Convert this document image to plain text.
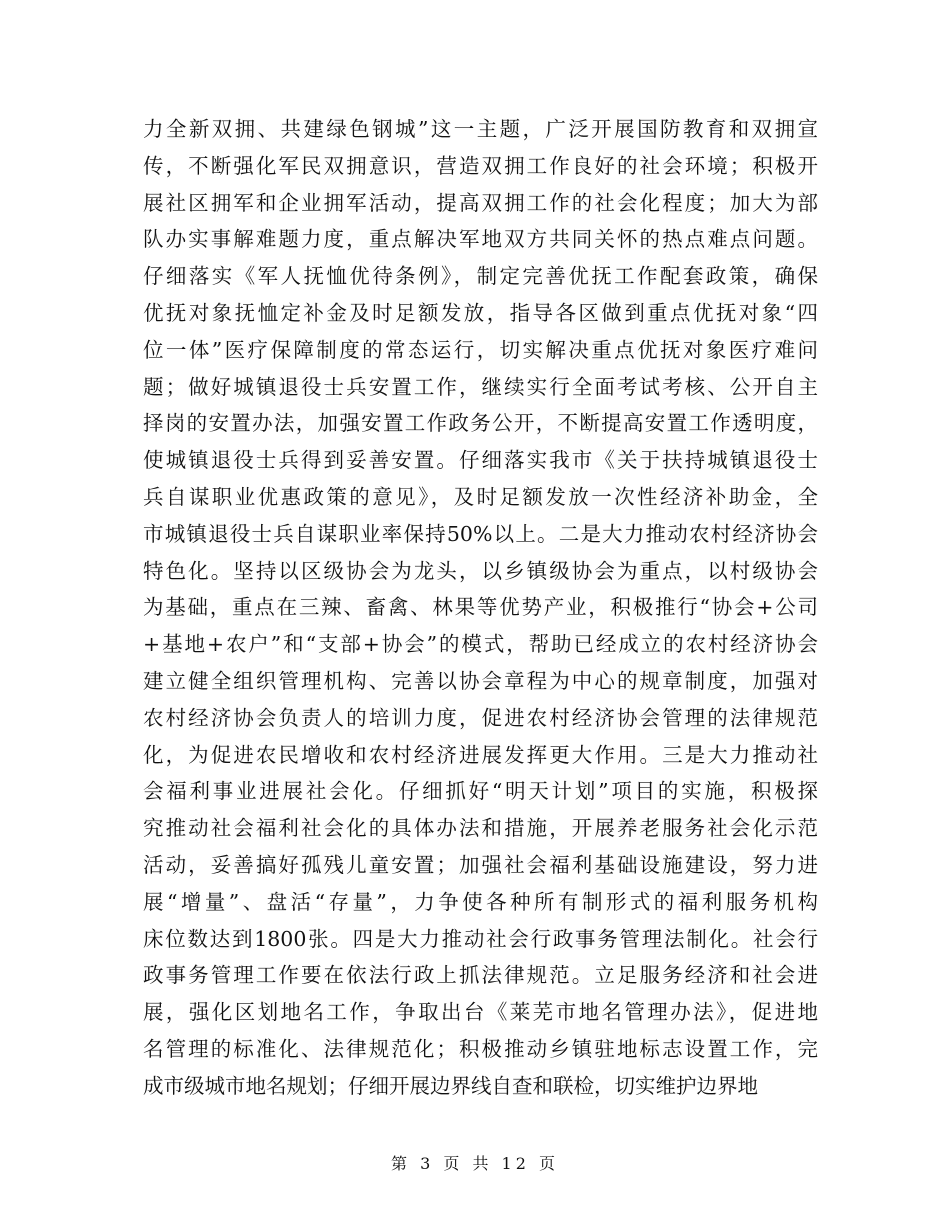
力全新双拥、共建绿色钢城”这一主题，广泛开展国防教育和双拥宣
传，不断强化军民双拥意识，营造双拥工作良好的社会环境；积极开
展社区拥军和企业拥军活动，提高双拥工作的社会化程度；加大为部
队办实事解难题力度，重点解决军地双方共同关怀的热点难点问题。
仔细落实《军人抚恤优待条例》，制定完善优抚工作配套政策，确保
优抚对象抚恤定补金及时足额发放，指导各区做到重点优抚对象“四
位一体”医疗保障制度的常态运行，切实解决重点优抚对象医疗难问
题；做好城镇退役士兵安置工作，继续实行全面考试考核、公开自主
择岗的安置办法，加强安置工作政务公开，不断提高安置工作透明度，
使城镇退役士兵得到妥善安置。仔细落实我市《关于扶持城镇退役士
兵自谋职业优惠政策的意见》，及时足额发放一次性经济补助金，全
市城镇退役士兵自谋职业率保持50%以上。二是大力推动农村经济协会
特色化。坚持以区级协会为龙头，以乡镇级协会为重点，以村级协会
为基础，重点在三辣、畜禽、林果等优势产业，积极推行“协会+公司
+基地+农户”和“支部+协会”的模式，帮助已经成立的农村经济协会
建立健全组织管理机构、完善以协会章程为中心的规章制度，加强对
农村经济协会负责人的培训力度，促进农村经济协会管理的法律规范
化，为促进农民增收和农村经济进展发挥更大作用。三是大力推动社
会福利事业进展社会化。仔细抓好“明天计划”项目的实施，积极探
究推动社会福利社会化的具体办法和措施，开展养老服务社会化示范
活动，妥善搞好孤残儿童安置；加强社会福利基础设施建设，努力进
展“增量”、盘活“存量”，力争使各种所有制形式的福利服务机构
床位数达到1800张。四是大力推动社会行政事务管理法制化。社会行
政事务管理工作要在依法行政上抓法律规范。立足服务经济和社会进
展，强化区划地名工作，争取出台《莱芜市地名管理办法》，促进地
名管理的标准化、法律规范化；积极推动乡镇驻地标志设置工作，完
成市级城市地名规划；仔细开展边界线自查和联检，切实维护边界地
第 3 页 共 12 页
